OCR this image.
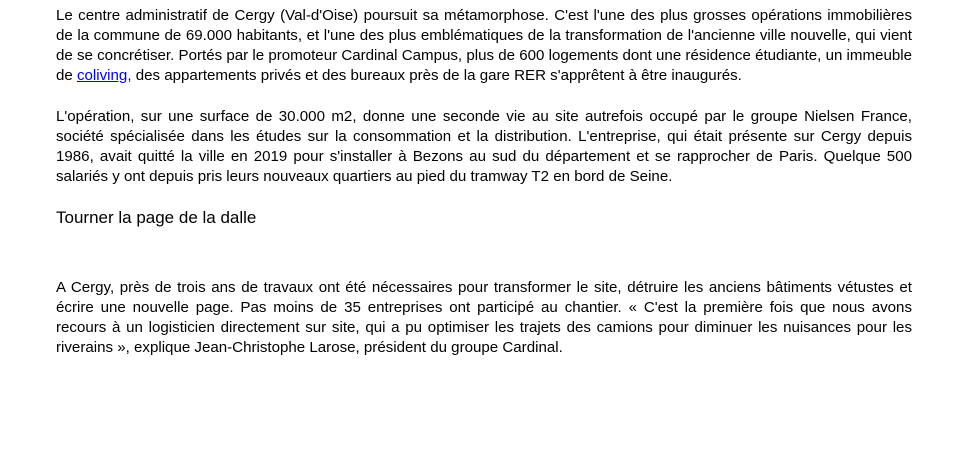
Le centre administratif de Cergy (Val-d'Oise) poursuit sa métamorphose. C'est l'une des plus grosses opérations immobilières de la commune de 69.000 habitants, et l'une des plus emblématiques de la transformation de l'ancienne ville nouvelle, qui vient de se concrétiser. Portés par le promoteur Cardinal Campus, plus de 600 logements dont une résidence étudiante, un immeuble de coliving, des appartements privés et des bureaux près de la gare RER s'apprêtent à être inaugurés.

L'opération, sur une surface de 30.000 m2, donne une seconde vie au site autrefois occupé par le groupe Nielsen France, société spécialisée dans les études sur la consommation et la distribution. L'entreprise, qui était présente sur Cergy depuis 1986, avait quitté la ville en 2019 pour s'installer à Bezons au sud du département et se rapprocher de Paris. Quelque 500 salariés y ont depuis pris leurs nouveaux quartiers au pied du tramway T2 en bord de Seine.

Tourner la page de la dalle

A Cergy, près de trois ans de travaux ont été nécessaires pour transformer le site, détruire les anciens bâtiments vétustes et écrire une nouvelle page. Pas moins de 35 entreprises ont participé au chantier. « C'est la première fois que nous avons recours à un logisticien directement sur site, qui a pu optimiser les trajets des camions pour diminuer les nuisances pour les riverains », explique Jean-Christophe Larose, président du groupe Cardinal.
